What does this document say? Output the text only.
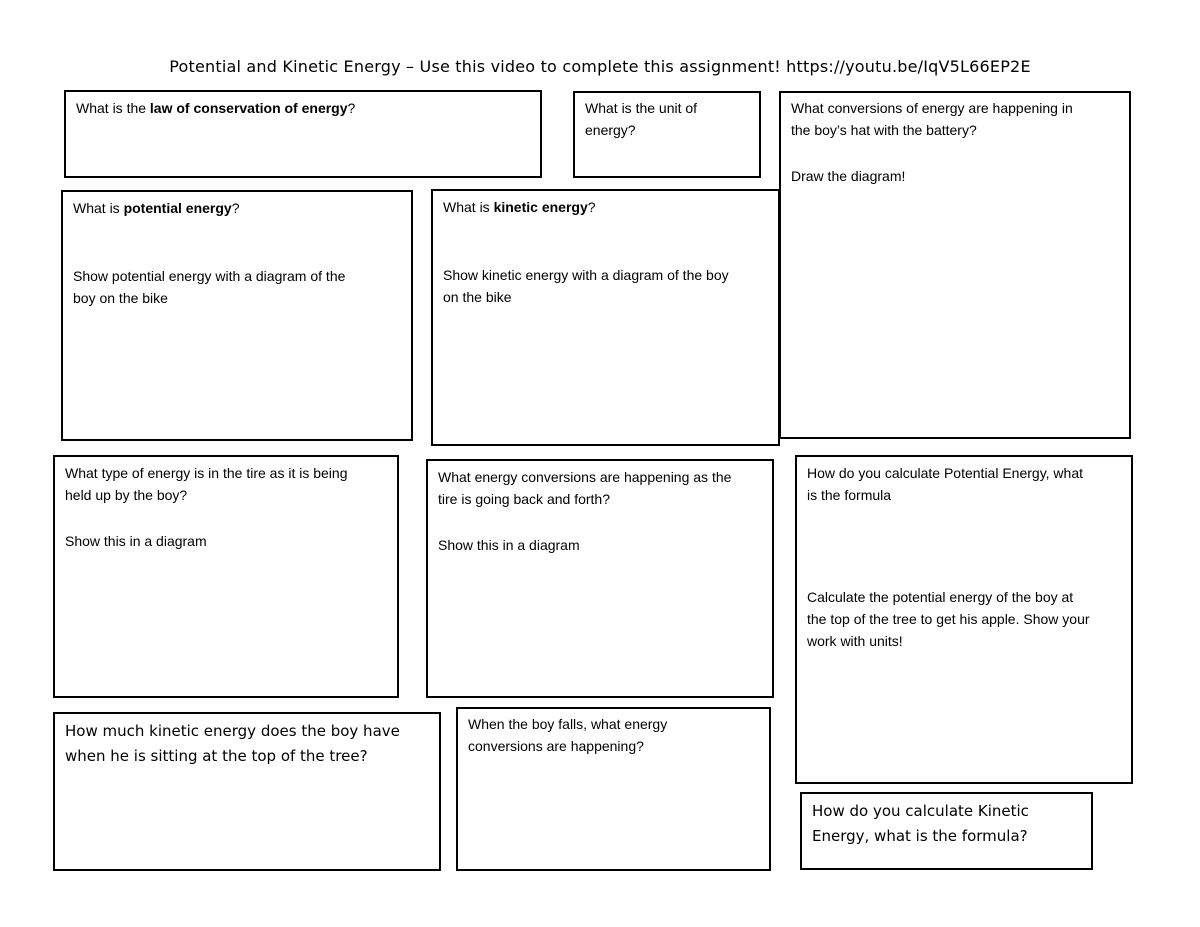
Potential and Kinetic Energy – Use this video to complete this assignment! https://youtu.be/IqV5L66EP2E
What is the law of conservation of energy?	What is the unit of
energy?
What conversions of energy are happening in
the boy’s hat with the battery?
Draw the diagram!
What is potential energy?
Show potential energy with a diagram of the
boy on the bike
What is kinetic energy?
Show kinetic energy with a diagram of the boy
on the bike
What type of energy is in the tire as it is being
held up by the boy?
Show this in a diagram
What energy conversions are happening as the
tire is going back and forth?
Show this in a diagram
How do you calculate Potential Energy, what
is the formula
Calculate the potential energy of the boy at
the top of the tree to get his apple. Show your
work with units!
How much kinetic energy does the boy have
when he is sitting at the top of the tree?
When the boy falls, what energy
conversions are happening?
How do you calculate Kinetic
Energy, what is the formula?
